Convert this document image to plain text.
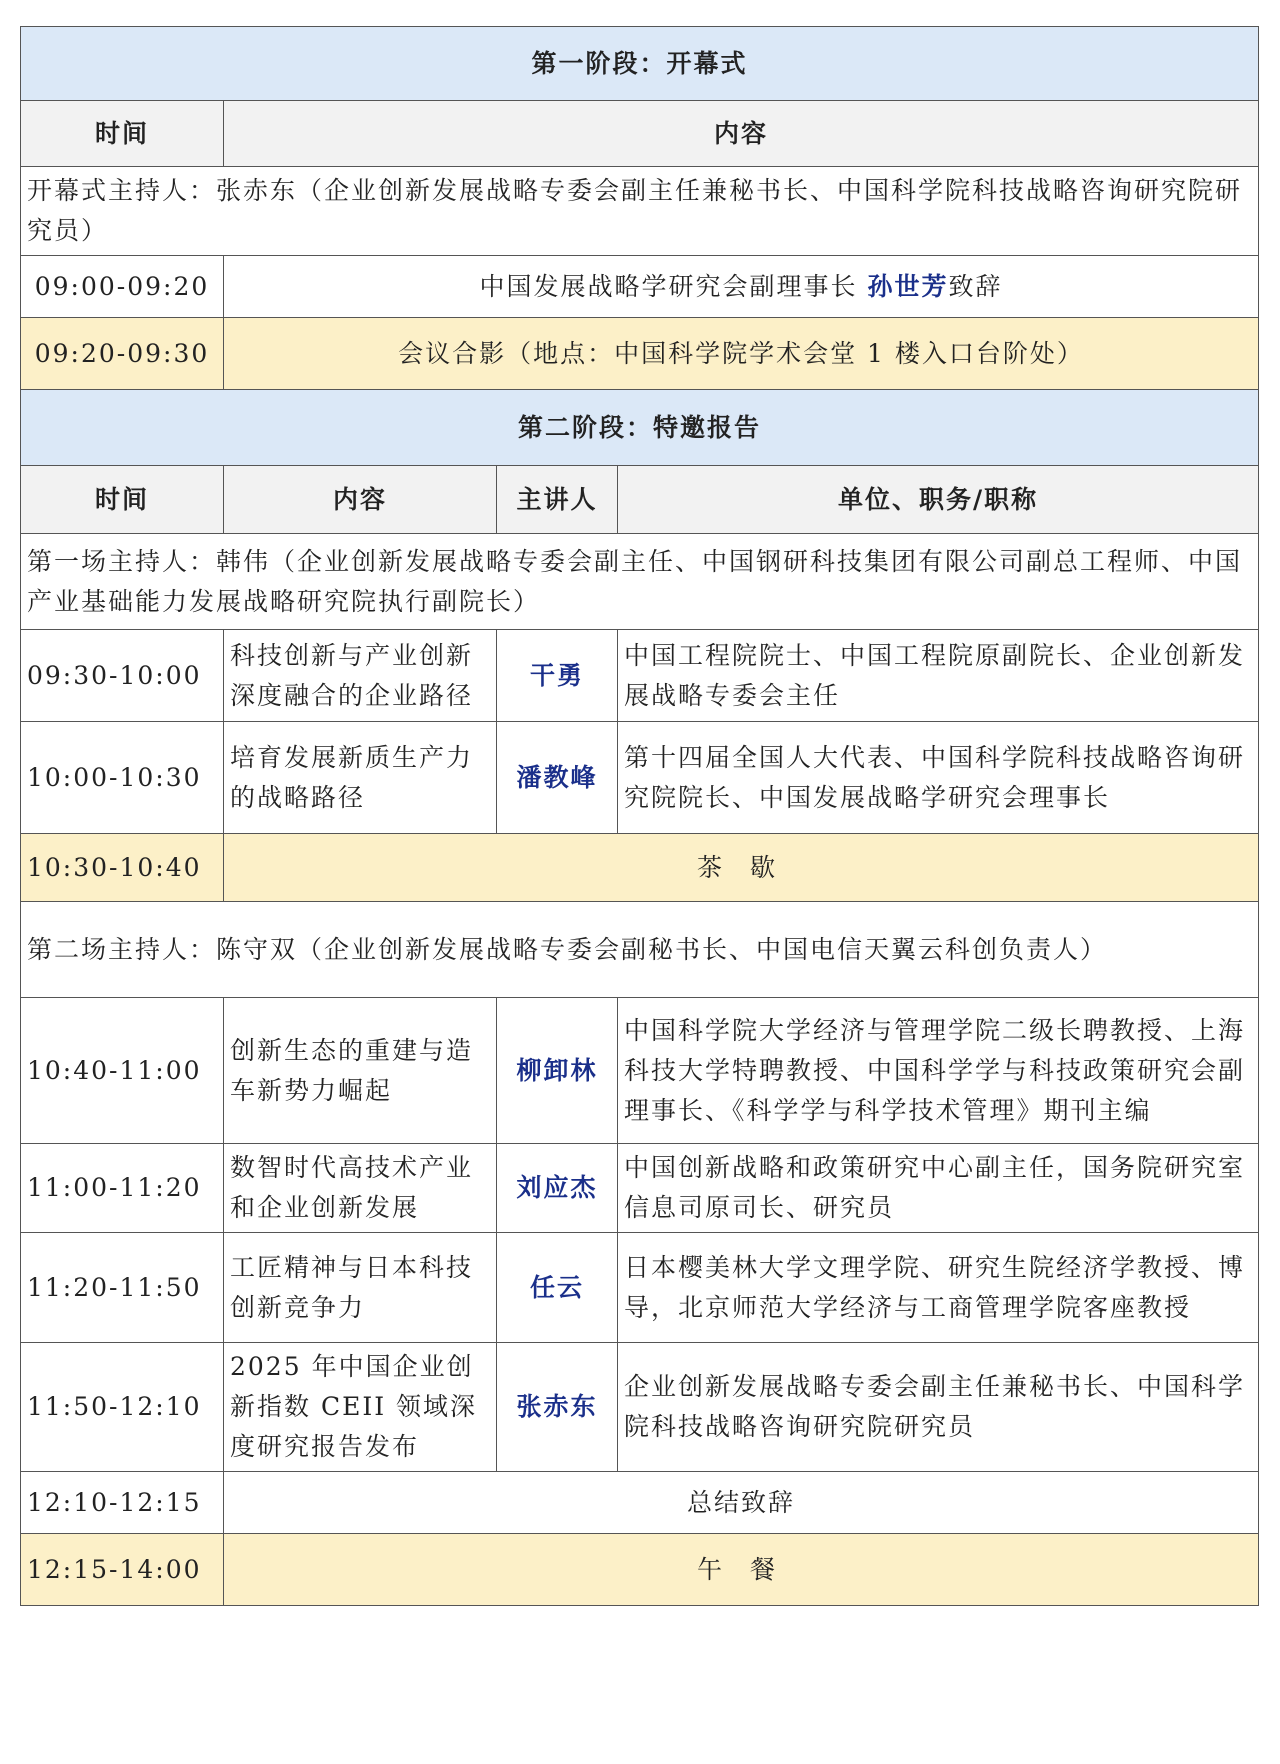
第一阶段：开幕式			
时间	内容		
开幕式主持人：张赤东（企业创新发展战略专委会副主任兼秘书长、中国科学院科技战略咨询研究院研究员）			
09:00-09:20	中国发展战略学研究会副理事长 孙世芳致辞		
09:20-09:30	会议合影（地点：中国科学院学术会堂 1 楼入口台阶处）		
第二阶段：特邀报告			
时间	内容	主讲人	单位、职务/职称
第一场主持人：韩伟（企业创新发展战略专委会副主任、中国钢研科技集团有限公司副总工程师、中国产业基础能力发展战略研究院执行副院长）			
09:30-10:00	科技创新与产业创新深度融合的企业路径	干勇	中国工程院院士、中国工程院原副院长、企业创新发展战略专委会主任
10:00-10:30	培育发展新质生产力的战略路径	潘教峰	第十四届全国人大代表、中国科学院科技战略咨询研究院院长、中国发展战略学研究会理事长
10:30-10:40	茶 歇		
第二场主持人：陈守双（企业创新发展战略专委会副秘书长、中国电信天翼云科创负责人）			
10:40-11:00	创新生态的重建与造车新势力崛起	柳卸林	中国科学院大学经济与管理学院二级长聘教授、上海科技大学特聘教授、中国科学学与科技政策研究会副理事长、《科学学与科学技术管理》期刊主编
11:00-11:20	数智时代高技术产业和企业创新发展	刘应杰	中国创新战略和政策研究中心副主任，国务院研究室信息司原司长、研究员
11:20-11:50	工匠精神与日本科技创新竞争力	任云	日本樱美林大学文理学院、研究生院经济学教授、博导，北京师范大学经济与工商管理学院客座教授
11:50-12:10	2025 年中国企业创新指数 CEII 领域深度研究报告发布	张赤东	企业创新发展战略专委会副主任兼秘书长、中国科学院科技战略咨询研究院研究员
12:10-12:15	总结致辞		
12:15-14:00	午 餐		
